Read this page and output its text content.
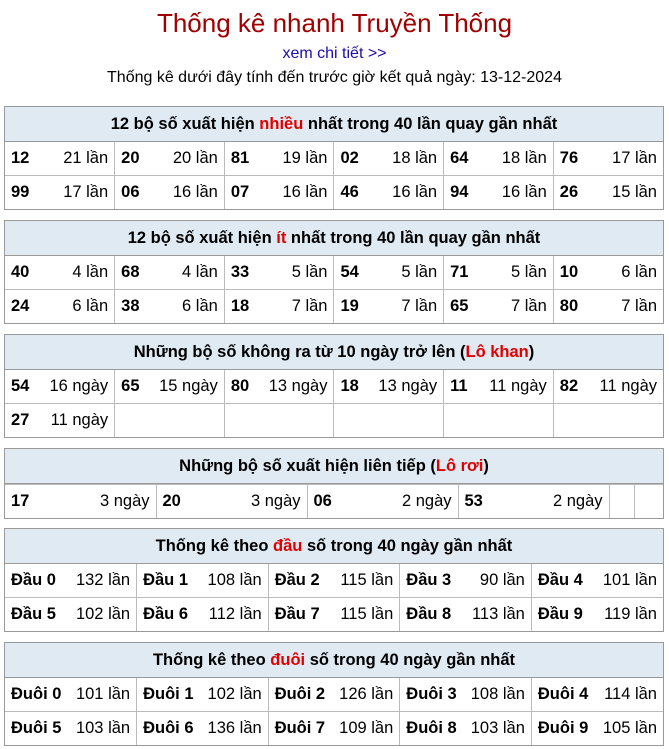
Thống kê nhanh Truyền Thống
xem chi tiết >>
Thống kê dưới đây tính đến trước giờ kết quả ngày: 13-12-2024
12 bộ số xuất hiện nhiều nhất trong 40 lần quay gần nhất
12 21 lần	20 20 lần	81 19 lần	02 18 lần	64 18 lần	76 17 lần

99 17 lần	06 16 lần	07 16 lần	46 16 lần	94 16 lần	26 15 lần
12 bộ số xuất hiện ít nhất trong 40 lần quay gần nhất
40 4 lần	68 4 lần	33 5 lần	54 5 lần	71 5 lần	10 6 lần

24 6 lần	38 6 lần	18 7 lần	19 7 lần	65 7 lần	80 7 lần
Những bộ số không ra từ 10 ngày trở lên (Lô khan)
54 16 ngày	65 15 ngày	80 13 ngày	18 13 ngày	11 11 ngày	82 11 ngày

27 11 ngày					

Những bộ số xuất hiện liên tiếp (Lô rơi)
17	3 ngày	20	3 ngày	06	2 ngày	53	2 ngày

Thống kê theo đầu số trong 40 ngày gần nhất
Đầu 0 132 lần	Đầu 1 108 lần	Đầu 2 115 lần	Đầu 3 90 lần	Đầu 4 101 lần

Đầu 5 102 lần	Đầu 6 112 lần	Đầu 7 115 lần	Đầu 8 113 lần	Đầu 9 119 lần
Thống kê theo đuôi số trong 40 ngày gần nhất
Đuôi 0 101 lần	Đuôi 1 102 lần	Đuôi 2 126 lần	Đuôi 3 108 lần	Đuôi 4 114 lần

Đuôi 5 103 lần	Đuôi 6 136 lần	Đuôi 7 109 lần	Đuôi 8 103 lần	Đuôi 9 105 lần
